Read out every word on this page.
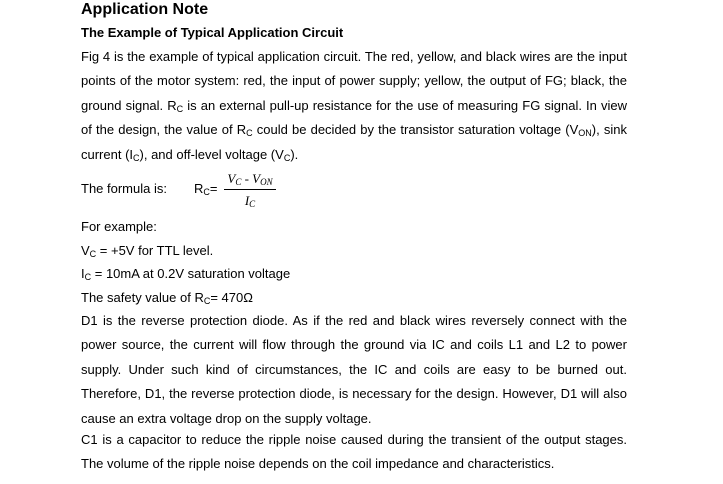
Application Note
The Example of Typical Application Circuit
Fig 4 is the example of typical application circuit. The red, yellow, and black wires are the input points of the motor system: red, the input of power supply; yellow, the output of FG; black, the ground signal. $R_C$ is an external pull-up resistance for the use of measuring FG signal. In view of the design, the value of $R_C$ could be decided by the transistor saturation voltage $(V_{ON})$, sink current $(I_C)$, and off-level voltage $(V_C)$.
The formula is: $R_C=$
$V_C - V_{ON}$
$I_C$
For example:
$V_C = +5V$ for TTL level.
$I_C = 10mA$ at 0.2V saturation voltage
The safety value of $R_C= 470\Omega$
D1 is the reverse protection diode. As if the red and black wires reversely connect with the power source, the current will flow through the ground via IC and coils L1 and L2 to power supply. Under such kind of circumstances, the IC and coils are easy to be burned out. Therefore, D1, the reverse protection diode, is necessary for the design. However, D1 will also cause an extra voltage drop on the supply voltage.
C1 is a capacitor to reduce the ripple noise caused during the transient of the output stages. The volume of the ripple noise depends on the coil impedance and characteristics.
